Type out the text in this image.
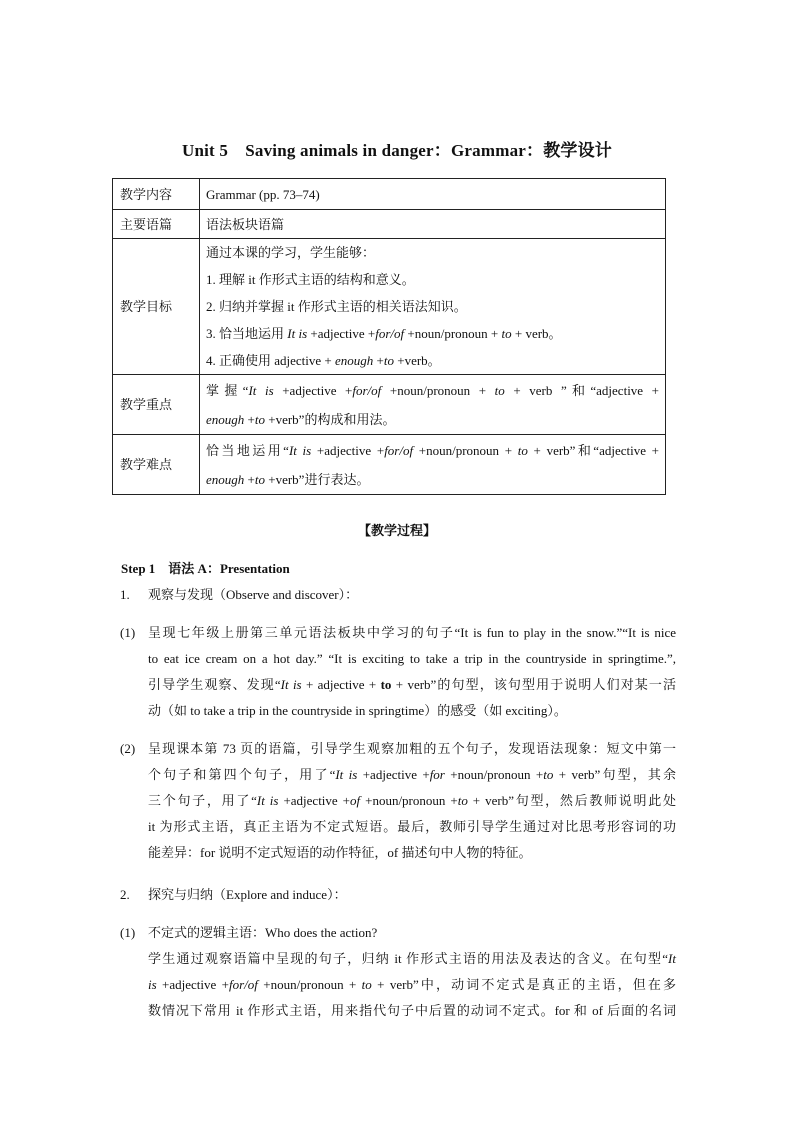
Unit 5　Saving animals in danger：Grammar：教学设计
教学内容	Grammar (pp. 73–74)
主要语篇	语法板块语篇
教学目标	通过本课的学习，学生能够：
1. 理解 it 作形式主语的结构和意义。
2. 归纳并掌握 it 作形式主语的相关语法知识。
3. 恰当地运用 It is +adjective +for/of +noun/pronoun + to + verb。
4. 正确使用 adjective + enough +to +verb。

教学重点	掌握“It is +adjective +for/of +noun/pronoun + to + verb ”和“adjective +
enough +to +verb”的构成和用法。

教学难点	恰当地运用“It is +adjective +for/of +noun/pronoun + to + verb”和“adjective +
enough +to +verb”进行表达。
【教学过程】
Step 1　语法 A：Presentation
1. 观察与发现（Observe and discover）：
(1) 呈现七年级上册第三单元语法板块中学习的句子“It is fun to play in the snow.”“It is nice
to eat ice cream on a hot day.” “It is exciting to take a trip in the countryside in springtime.”,
引导学生观察、发现“It is + adjective + to + verb”的句型，该句型用于说明人们对某一活
动（如 to take a trip in the countryside in springtime）的感受（如 exciting）。
(2) 呈现课本第 73 页的语篇，引导学生观察加粗的五个句子，发现语法现象：短文中第一
个句子和第四个句子，用了“It is +adjective +for +noun/pronoun +to + verb”句型，其余
三个句子，用了“It is +adjective +of +noun/pronoun +to + verb”句型，然后教师说明此处
it 为形式主语，真正主语为不定式短语。最后，教师引导学生通过对比思考形容词的功
能差异：for 说明不定式短语的动作特征，of 描述句中人物的特征。
2. 探究与归纳（Explore and induce）：
(1) 不定式的逻辑主语：Who does the action?
学生通过观察语篇中呈现的句子，归纳 it 作形式主语的用法及表达的含义。在句型“It
is +adjective +for/of +noun/pronoun + to + verb”中，动词不定式是真正的主语，但在多
数情况下常用 it 作形式主语，用来指代句子中后置的动词不定式。for 和 of 后面的名词
